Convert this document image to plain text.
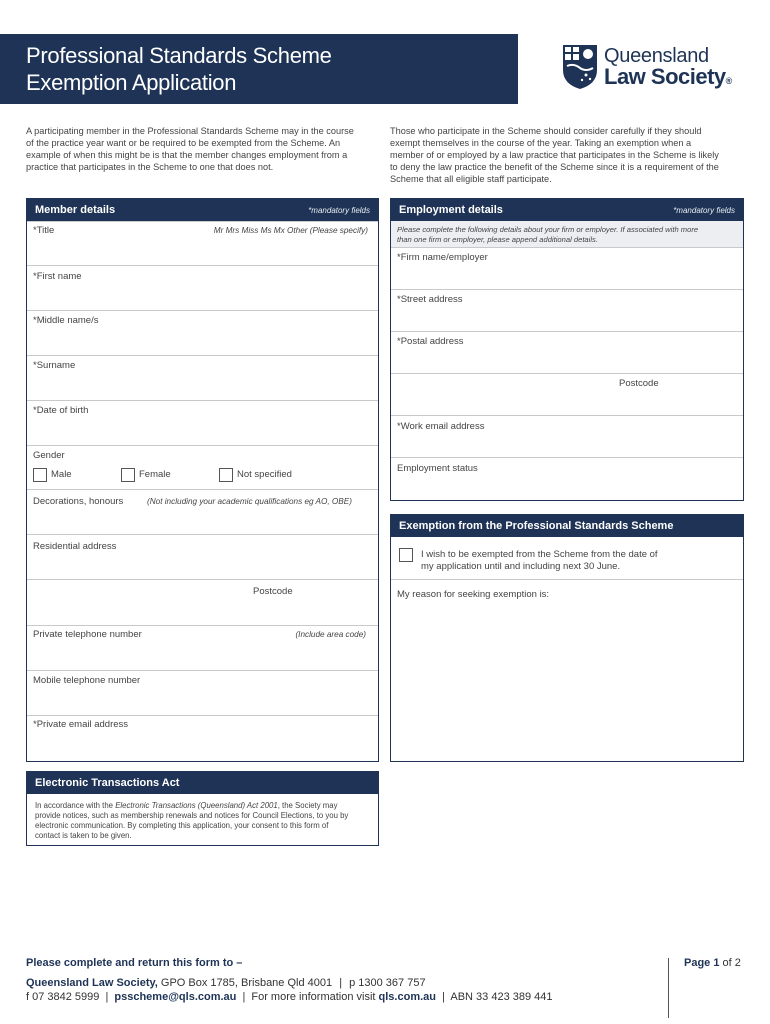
Professional Standards Scheme
Exemption Application
Queensland
Law Society®
A participating member in the Professional Standards Scheme may in the course of the practice year want or be required to be exempted from the Scheme. An example of when this might be is that the member changes employment from a practice that participates in the Scheme to one that does not.
Those who participate in the Scheme should consider carefully if they should exempt themselves in the course of the year. Taking an exemption when a member of or employed by a law practice that participates in the Scheme is likely to deny the law practice the benefit of the Scheme since it is a requirement of the Scheme that all eligible staff participate.
Member details	*mandatory fields
*Title	Mr Mrs Miss Ms Mx Other (Please specify)
*First name
*Middle name/s
*Surname
*Date of birth
Gender
Male	Female	Not specified
Decorations, honours	(Not including your academic qualifications eg AO, OBE)
Residential address
Postcode
Private telephone number	(Include area code)
Mobile telephone number
*Private email address
Employment details	*mandatory fields
Please complete the following details about your firm or employer. If associated with more than one firm or employer, please append additional details.
*Firm name/employer
*Street address
*Postal address
Postcode
*Work email address
Employment status
Exemption from the Professional Standards Scheme
I wish to be exempted from the Scheme from the date of
my application until and including next 30 June.
My reason for seeking exemption is:
Electronic Transactions Act
In accordance with the Electronic Transactions (Queensland) Act 2001, the Society may provide notices, such as membership renewals and notices for Council Elections, to you by electronic communication. By completing this application, your consent to this form of contact is taken to be given.
Please complete and return this form to –
Queensland Law Society, GPO Box 1785, Brisbane Qld 4001 | p 1300 367 757
f 07 3842 5999 | psscheme@qls.com.au | For more information visit qls.com.au | ABN 33 423 389 441
Page 1 of 2
